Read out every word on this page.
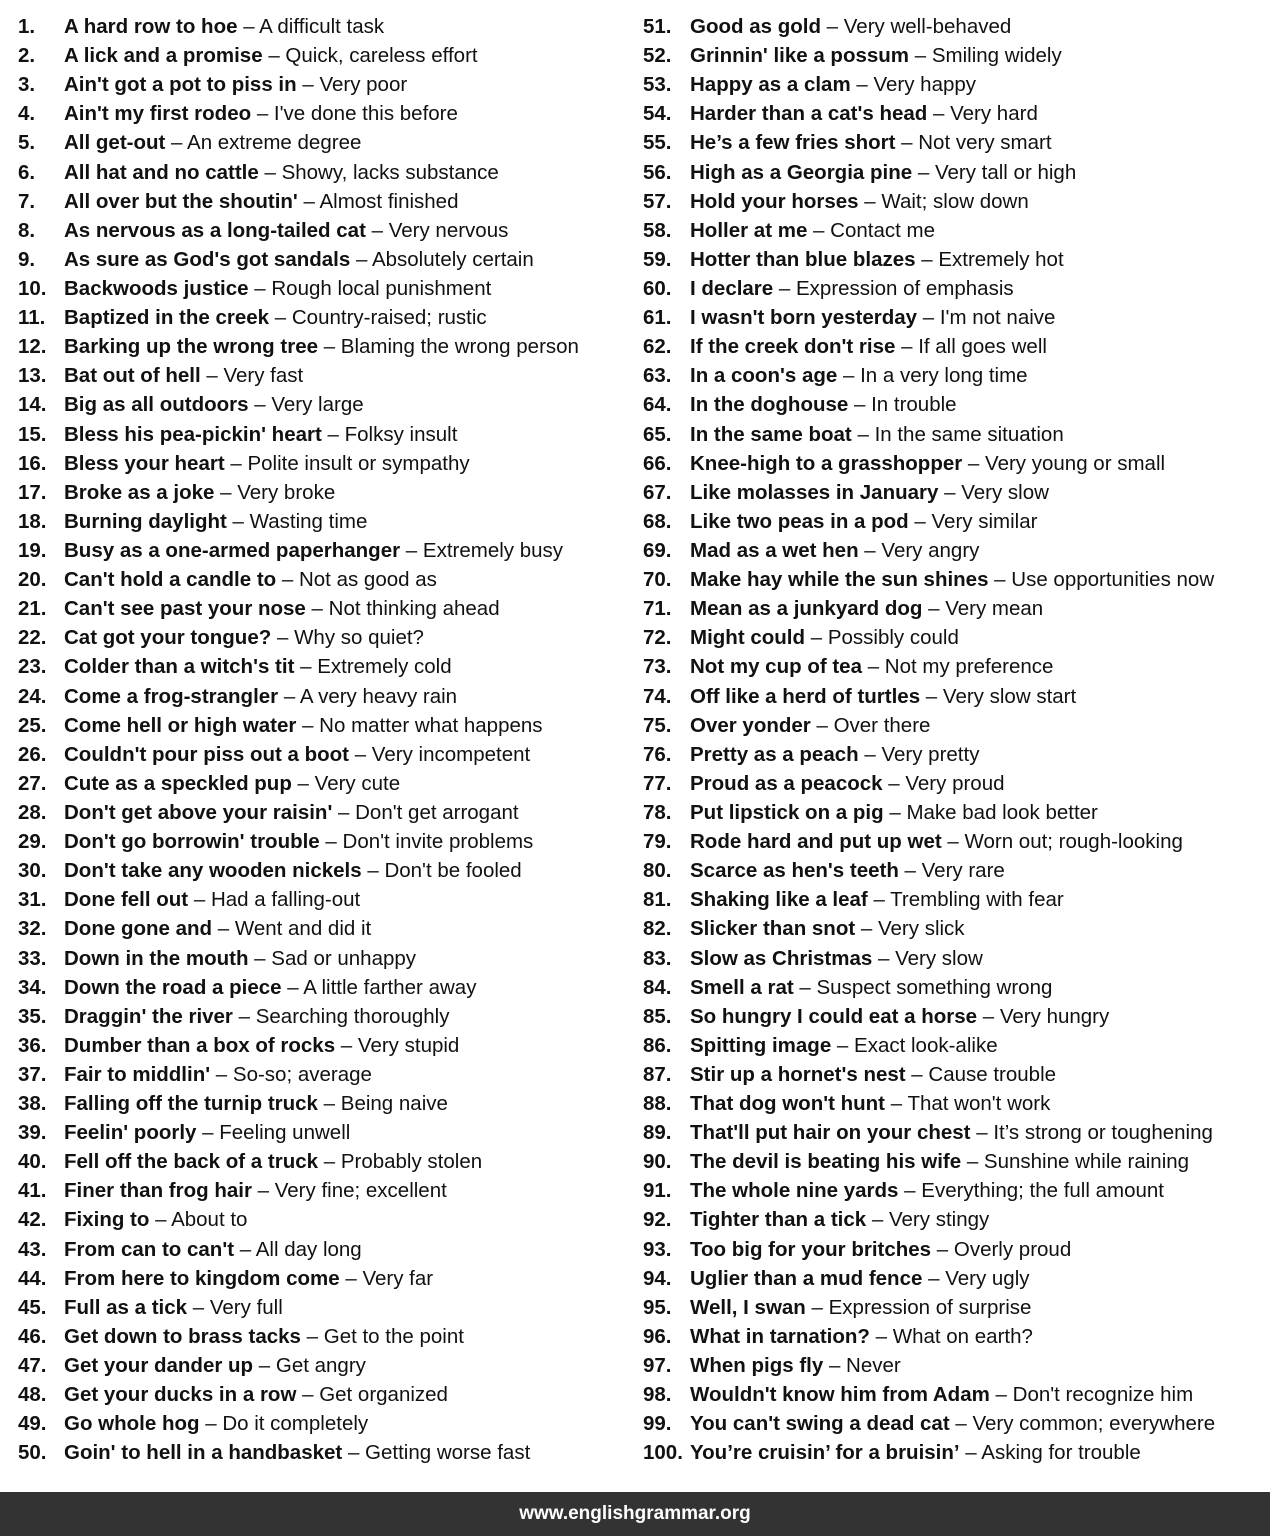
1.	A hard row to hoe – A difficult task
2.	A lick and a promise – Quick, careless effort
3.	Ain't got a pot to piss in – Very poor
4.	Ain't my first rodeo – I've done this before
5.	All get-out – An extreme degree
6.	All hat and no cattle – Showy, lacks substance
7.	All over but the shoutin' – Almost finished
8.	As nervous as a long-tailed cat – Very nervous
9.	As sure as God's got sandals – Absolutely certain
10. Backwoods justice – Rough local punishment
11. Baptized in the creek – Country-raised; rustic
12. Barking up the wrong tree – Blaming the wrong person
13. Bat out of hell – Very fast
14. Big as all outdoors – Very large
15. Bless his pea-pickin' heart – Folksy insult
16. Bless your heart – Polite insult or sympathy
17. Broke as a joke – Very broke
18. Burning daylight – Wasting time
19. Busy as a one-armed paperhanger – Extremely busy
20. Can't hold a candle to – Not as good as
21. Can't see past your nose – Not thinking ahead
22. Cat got your tongue? – Why so quiet?
23. Colder than a witch's tit – Extremely cold
24. Come a frog-strangler – A very heavy rain
25. Come hell or high water – No matter what happens
26. Couldn't pour piss out a boot – Very incompetent
27. Cute as a speckled pup – Very cute
28. Don't get above your raisin' – Don't get arrogant
29. Don't go borrowin' trouble – Don't invite problems
30. Don't take any wooden nickels – Don't be fooled
31. Done fell out – Had a falling-out
32. Done gone and – Went and did it
33. Down in the mouth – Sad or unhappy
34. Down the road a piece – A little farther away
35. Draggin' the river – Searching thoroughly
36. Dumber than a box of rocks – Very stupid
37. Fair to middlin' – So-so; average
38. Falling off the turnip truck – Being naive
39. Feelin' poorly – Feeling unwell
40. Fell off the back of a truck – Probably stolen
41. Finer than frog hair – Very fine; excellent
42. Fixing to – About to
43. From can to can't – All day long
44. From here to kingdom come – Very far
45. Full as a tick – Very full
46. Get down to brass tacks – Get to the point
47. Get your dander up – Get angry
48. Get your ducks in a row – Get organized
49. Go whole hog – Do it completely
50. Goin' to hell in a handbasket – Getting worse fast
51. Good as gold – Very well-behaved
52. Grinnin' like a possum – Smiling widely
53. Happy as a clam – Very happy
54. Harder than a cat's head – Very hard
55. He’s a few fries short – Not very smart
56. High as a Georgia pine – Very tall or high
57. Hold your horses – Wait; slow down
58. Holler at me – Contact me
59. Hotter than blue blazes – Extremely hot
60. I declare – Expression of emphasis
61. I wasn't born yesterday – I'm not naive
62. If the creek don't rise – If all goes well
63. In a coon's age – In a very long time
64. In the doghouse – In trouble
65. In the same boat – In the same situation
66. Knee-high to a grasshopper – Very young or small
67. Like molasses in January – Very slow
68. Like two peas in a pod – Very similar
69. Mad as a wet hen – Very angry
70. Make hay while the sun shines – Use opportunities now
71. Mean as a junkyard dog – Very mean
72. Might could – Possibly could
73. Not my cup of tea – Not my preference
74. Off like a herd of turtles – Very slow start
75. Over yonder – Over there
76. Pretty as a peach – Very pretty
77. Proud as a peacock – Very proud
78. Put lipstick on a pig – Make bad look better
79. Rode hard and put up wet – Worn out; rough-looking
80. Scarce as hen's teeth – Very rare
81. Shaking like a leaf – Trembling with fear
82. Slicker than snot – Very slick
83. Slow as Christmas – Very slow
84. Smell a rat – Suspect something wrong
85. So hungry I could eat a horse – Very hungry
86. Spitting image – Exact look-alike
87. Stir up a hornet's nest – Cause trouble
88. That dog won't hunt – That won't work
89. That'll put hair on your chest – It’s strong or toughening
90. The devil is beating his wife – Sunshine while raining
91. The whole nine yards – Everything; the full amount
92. Tighter than a tick – Very stingy
93. Too big for your britches – Overly proud
94. Uglier than a mud fence – Very ugly
95. Well, I swan – Expression of surprise
96. What in tarnation? – What on earth?
97. When pigs fly – Never
98. Wouldn't know him from Adam – Don't recognize him
99. You can't swing a dead cat – Very common; everywhere
100. You’re cruisin’ for a bruisin’ – Asking for trouble
www.englishgrammar.org
